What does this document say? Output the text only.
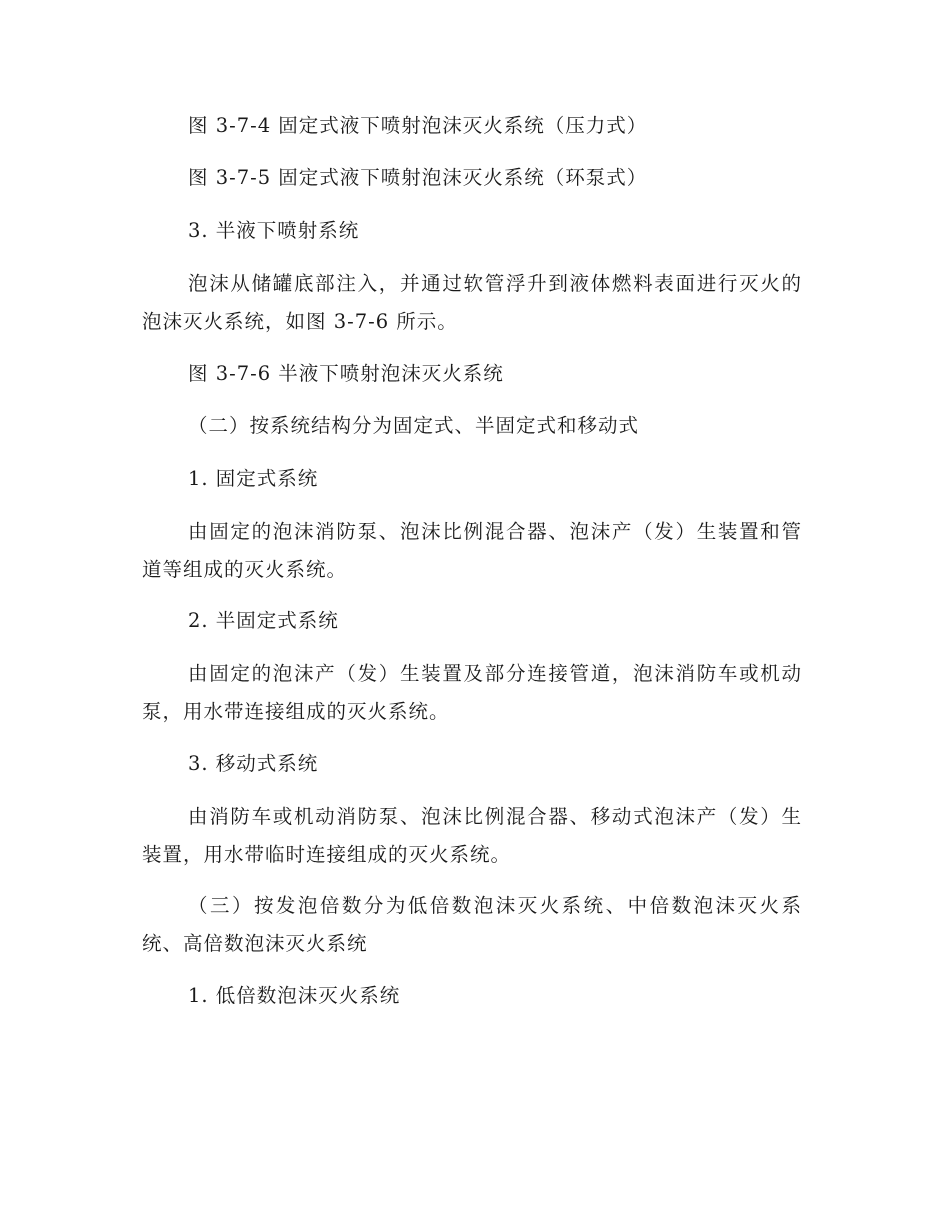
图 3-7-4 固定式液下喷射泡沫灭火系统（压力式）

图 3-7-5 固定式液下喷射泡沫灭火系统（环泵式）

3. 半液下喷射系统

泡沫从储罐底部注入，并通过软管浮升到液体燃料表面进行灭火的泡沫灭火系统，如图 3-7-6 所示。

图 3-7-6 半液下喷射泡沫灭火系统

（二）按系统结构分为固定式、半固定式和移动式

1. 固定式系统

由固定的泡沫消防泵、泡沫比例混合器、泡沫产（发）生装置和管道等组成的灭火系统。

2. 半固定式系统

由固定的泡沫产（发）生装置及部分连接管道，泡沫消防车或机动泵，用水带连接组成的灭火系统。

3. 移动式系统

由消防车或机动消防泵、泡沫比例混合器、移动式泡沫产（发）生装置，用水带临时连接组成的灭火系统。

（三）按发泡倍数分为低倍数泡沫灭火系统、中倍数泡沫灭火系统、高倍数泡沫灭火系统

1. 低倍数泡沫灭火系统
